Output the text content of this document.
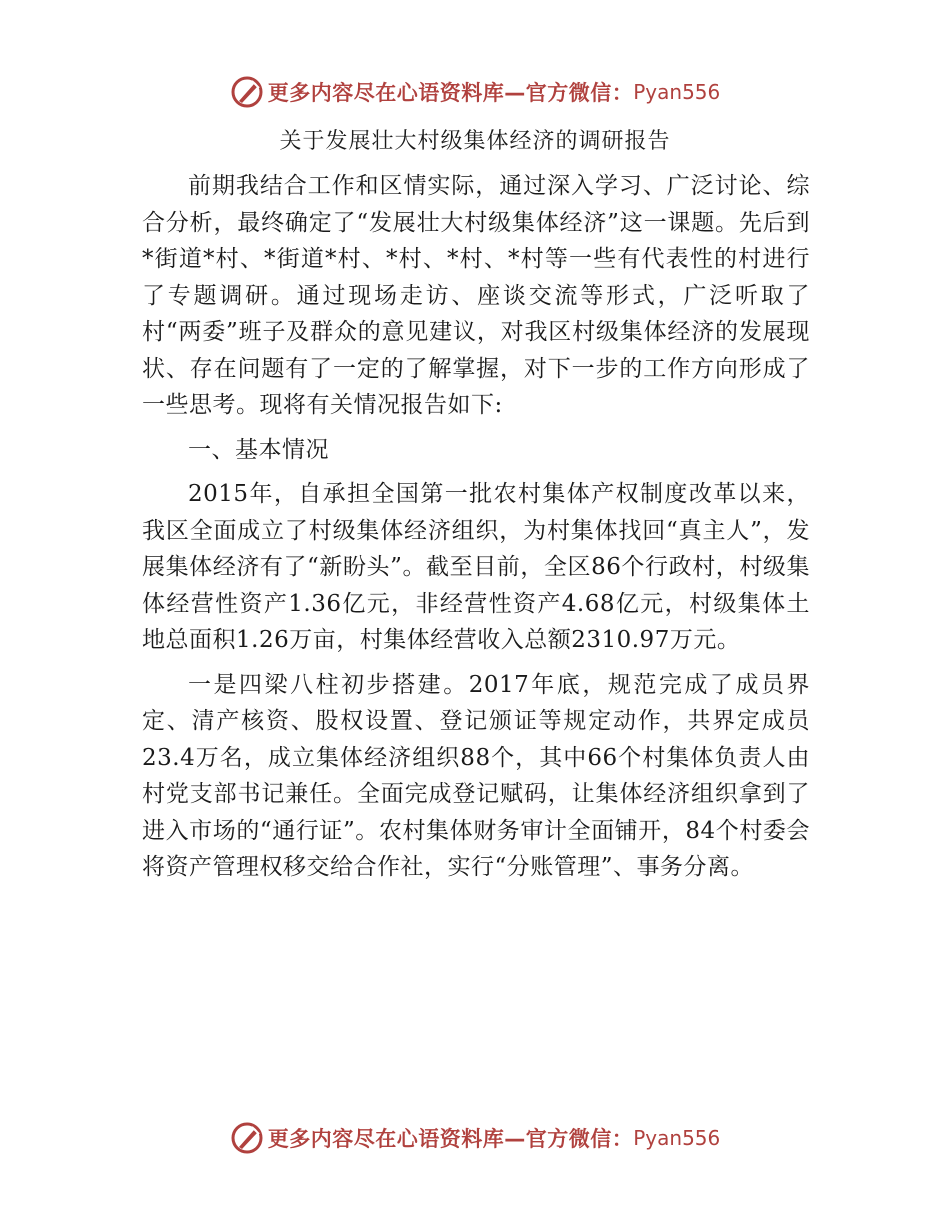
更多内容尽在心语资料库—官方微信： Pyan556
关于发展壮大村级集体经济的调研报告

前期我结合工作和区情实际，通过深入学习、广泛讨论、综合分析，最终确定了“发展壮大村级集体经济”这一课题。先后到*街道*村、*街道*村、*村、*村、*村等一些有代表性的村进行了专题调研。通过现场走访、座谈交流等形式，广泛听取了村“两委”班子及群众的意见建议，对我区村级集体经济的发展现状、存在问题有了一定的了解掌握，对下一步的工作方向形成了一些思考。现将有关情况报告如下:

一、基本情况

2015年，自承担全国第一批农村集体产权制度改革以来，我区全面成立了村级集体经济组织，为村集体找回“真主人”，发展集体经济有了“新盼头”。截至目前，全区86个行政村，村级集体经营性资产1.36亿元，非经营性资产4.68亿元，村级集体土地总面积1.26万亩，村集体经营收入总额2310.97万元。

一是四梁八柱初步搭建。2017年底，规范完成了成员界定、清产核资、股权设置、登记颁证等规定动作，共界定成员23.4万名，成立集体经济组织88个，其中66个村集体负责人由村党支部书记兼任。全面完成登记赋码，让集体经济组织拿到了进入市场的“通行证”。农村集体财务审计全面铺开，84个村委会将资产管理权移交给合作社，实行“分账管理”、事务分离。

更多内容尽在心语资料库—官方微信： Pyan556
